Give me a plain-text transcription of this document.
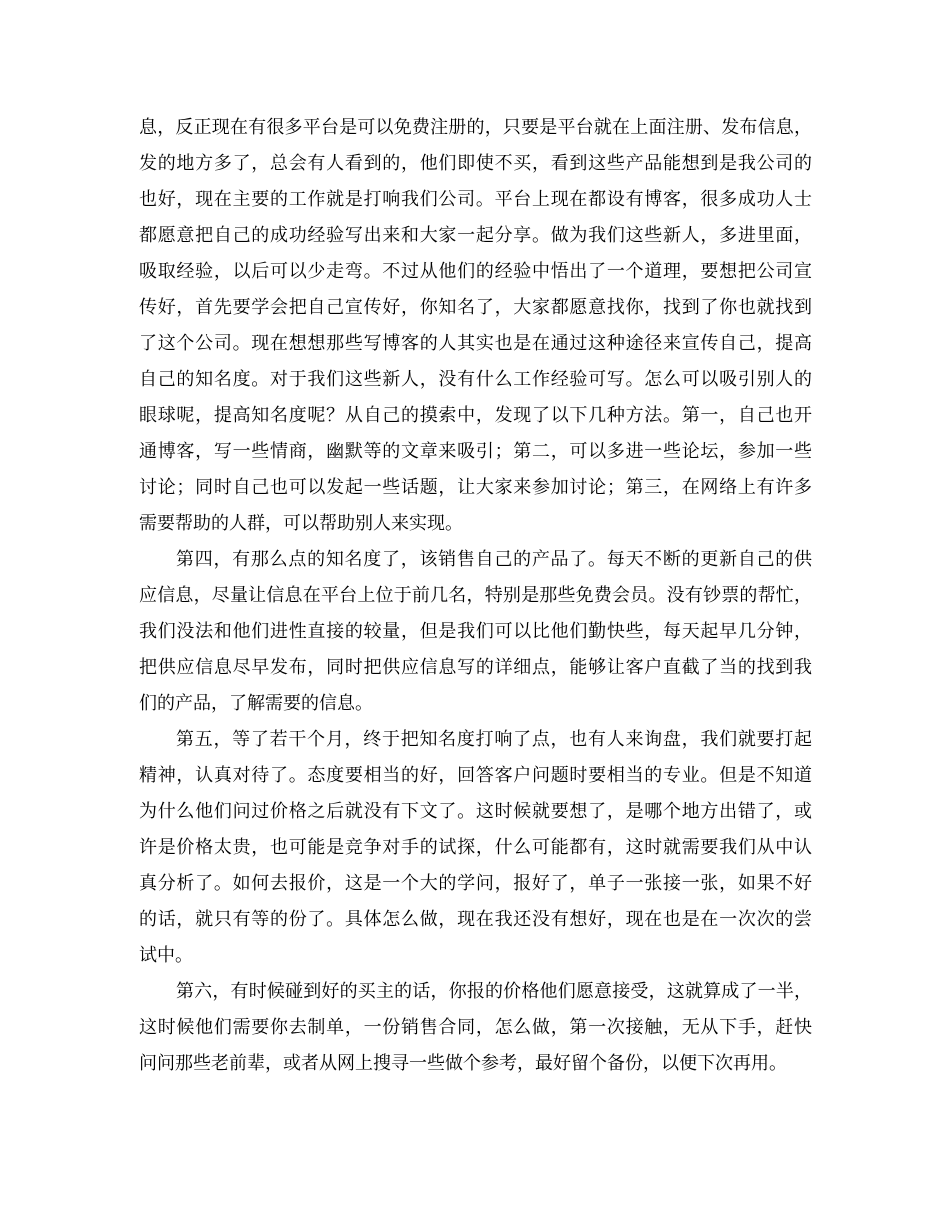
息，反正现在有很多平台是可以免费注册的，只要是平台就在上面注册、发布信息，
发的地方多了，总会有人看到的，他们即使不买，看到这些产品能想到是我公司的
也好，现在主要的工作就是打响我们公司。平台上现在都设有博客，很多成功人士
都愿意把自己的成功经验写出来和大家一起分享。做为我们这些新人，多进里面，
吸取经验，以后可以少走弯。不过从他们的经验中悟出了一个道理，要想把公司宣
传好，首先要学会把自己宣传好，你知名了，大家都愿意找你，找到了你也就找到
了这个公司。现在想想那些写博客的人其实也是在通过这种途径来宣传自己，提高
自己的知名度。对于我们这些新人，没有什么工作经验可写。怎么可以吸引别人的
眼球呢，提高知名度呢？从自己的摸索中，发现了以下几种方法。第一，自己也开
通博客，写一些情商，幽默等的文章来吸引；第二，可以多进一些论坛，参加一些
讨论；同时自己也可以发起一些话题，让大家来参加讨论；第三，在网络上有许多
需要帮助的人群，可以帮助别人来实现。
第四，有那么点的知名度了，该销售自己的产品了。每天不断的更新自己的供
应信息，尽量让信息在平台上位于前几名，特别是那些免费会员。没有钞票的帮忙，
我们没法和他们进性直接的较量，但是我们可以比他们勤快些，每天起早几分钟，
把供应信息尽早发布，同时把供应信息写的详细点，能够让客户直截了当的找到我
们的产品，了解需要的信息。
第五，等了若干个月，终于把知名度打响了点，也有人来询盘，我们就要打起
精神，认真对待了。态度要相当的好，回答客户问题时要相当的专业。但是不知道
为什么他们问过价格之后就没有下文了。这时候就要想了，是哪个地方出错了，或
许是价格太贵，也可能是竞争对手的试探，什么可能都有，这时就需要我们从中认
真分析了。如何去报价，这是一个大的学问，报好了，单子一张接一张，如果不好
的话，就只有等的份了。具体怎么做，现在我还没有想好，现在也是在一次次的尝
试中。
第六，有时候碰到好的买主的话，你报的价格他们愿意接受，这就算成了一半，
这时候他们需要你去制单，一份销售合同，怎么做，第一次接触，无从下手，赶快
问问那些老前辈，或者从网上搜寻一些做个参考，最好留个备份，以便下次再用。
